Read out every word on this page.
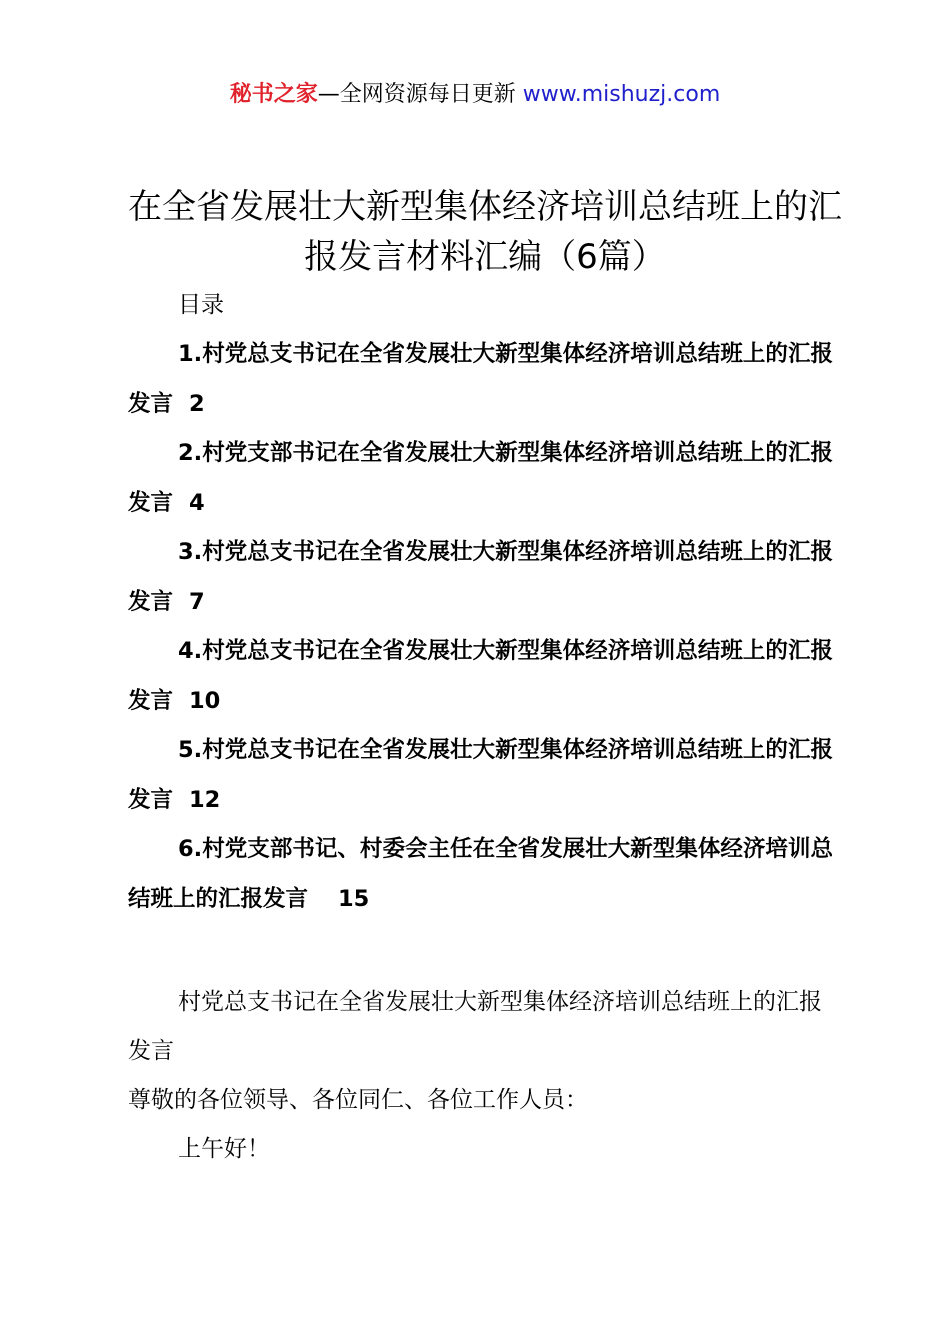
秘书之家—全网资源每日更新 www.mishuzj.com
在全省发展壮大新型集体经济培训总结班上的汇报发言材料汇编（6篇）
目录
1.村党总支书记在全省发展壮大新型集体经济培训总结班上的汇报发言 2
2.村党支部书记在全省发展壮大新型集体经济培训总结班上的汇报发言 4
3.村党总支书记在全省发展壮大新型集体经济培训总结班上的汇报发言 7
4.村党总支书记在全省发展壮大新型集体经济培训总结班上的汇报发言 10
5.村党总支书记在全省发展壮大新型集体经济培训总结班上的汇报发言 12
6.村党支部书记、村委会主任在全省发展壮大新型集体经济培训总结班上的汇报发言 15

村党总支书记在全省发展壮大新型集体经济培训总结班上的汇报发言

尊敬的各位领导、各位同仁、各位工作人员：

上午好！
